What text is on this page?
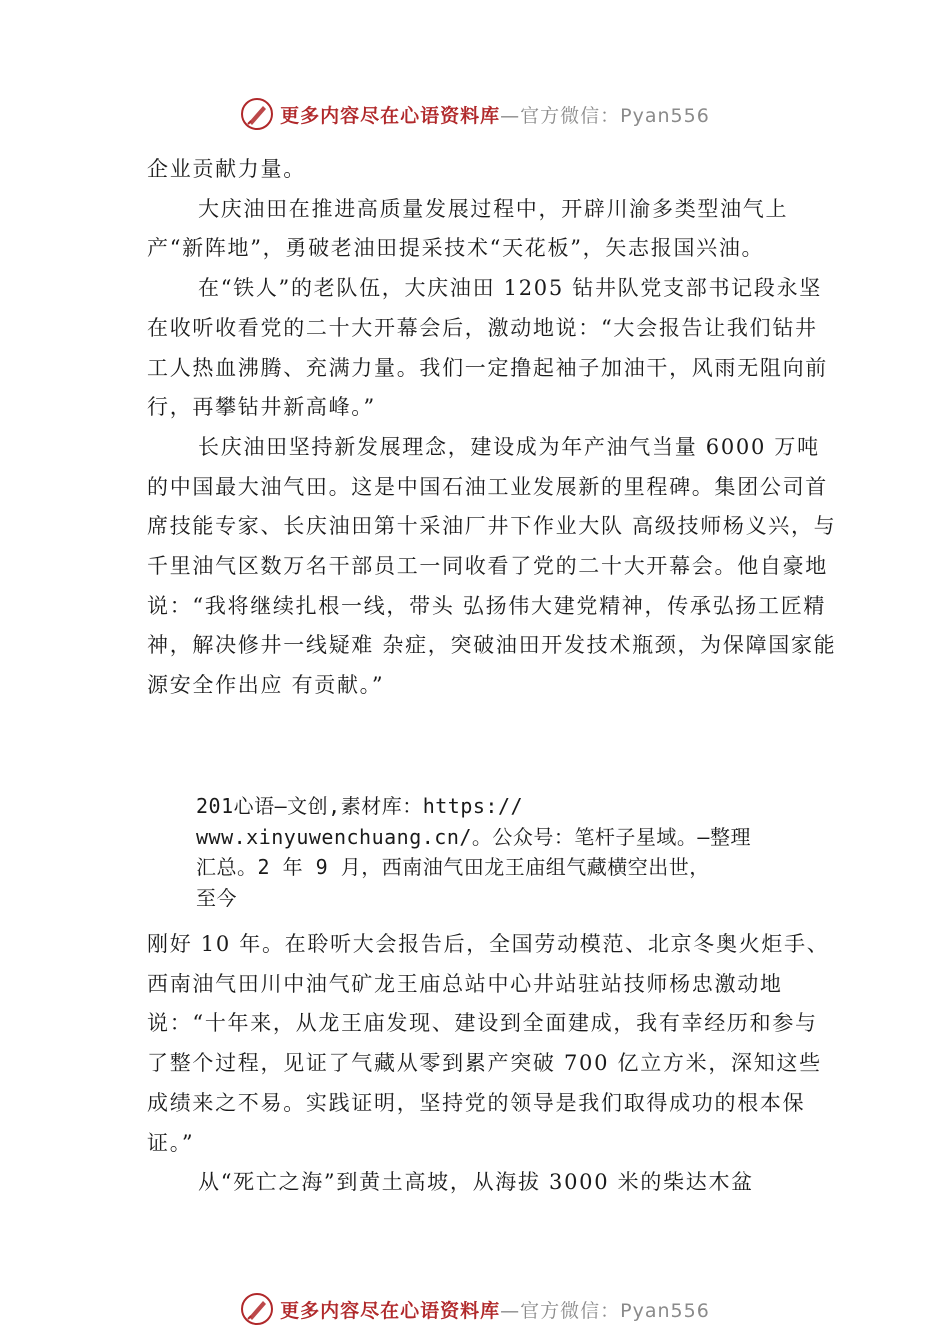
更多内容尽在心语资料库 —官方微信：Pyan556

企业贡献力量。

大庆油田在推进高质量发展过程中，开辟川渝多类型油气上产“新阵地”，勇破老油田提采技术“天花板”，矢志报国兴油。

在“铁人”的老队伍，大庆油田 1205 钻井队党支部书记段永坚在收听收看党的二十大开幕会后，激动地说：“大会报告让我们钻井工人热血沸腾、充满力量。我们一定撸起袖子加油干，风雨无阻向前行，再攀钻井新高峰。”

长庆油田坚持新发展理念，建设成为年产油气当量 6000 万吨的中国最大油气田。这是中国石油工业发展新的里程碑。集团公司首席技能专家、长庆油田第十采油厂井下作业大队 高级技师杨义兴，与千里油气区数万名干部员工一同收看了党的二十大开幕会。他自豪地说：“我将继续扎根一线，带头 弘扬伟大建党精神，传承弘扬工匠精神，解决修井一线疑难 杂症，突破油田开发技术瓶颈，为保障国家能源安全作出应 有贡献。”

201心语—文创,素材库：https://

www.xinyuwenchuang.cn/。公众号：笔杆子星域。—整理

汇总。2 年 9 月，西南油气田龙王庙组气藏横空出世，

至今

刚好 10 年。在聆听大会报告后，全国劳动模范、北京冬奥火炬手、西南油气田川中油气矿龙王庙总站中心井站驻站技师杨忠激动地说：“十年来，从龙王庙发现、建设到全面建成，我有幸经历和参与了整个过程，见证了气藏从零到累产突破 700 亿立方米，深知这些成绩来之不易。实践证明，坚持党的领导是我们取得成功的根本保证。”

从“死亡之海”到黄土高坡，从海拔 3000 米的柴达木盆

更多内容尽在心语资料库 —官方微信：Pyan556
